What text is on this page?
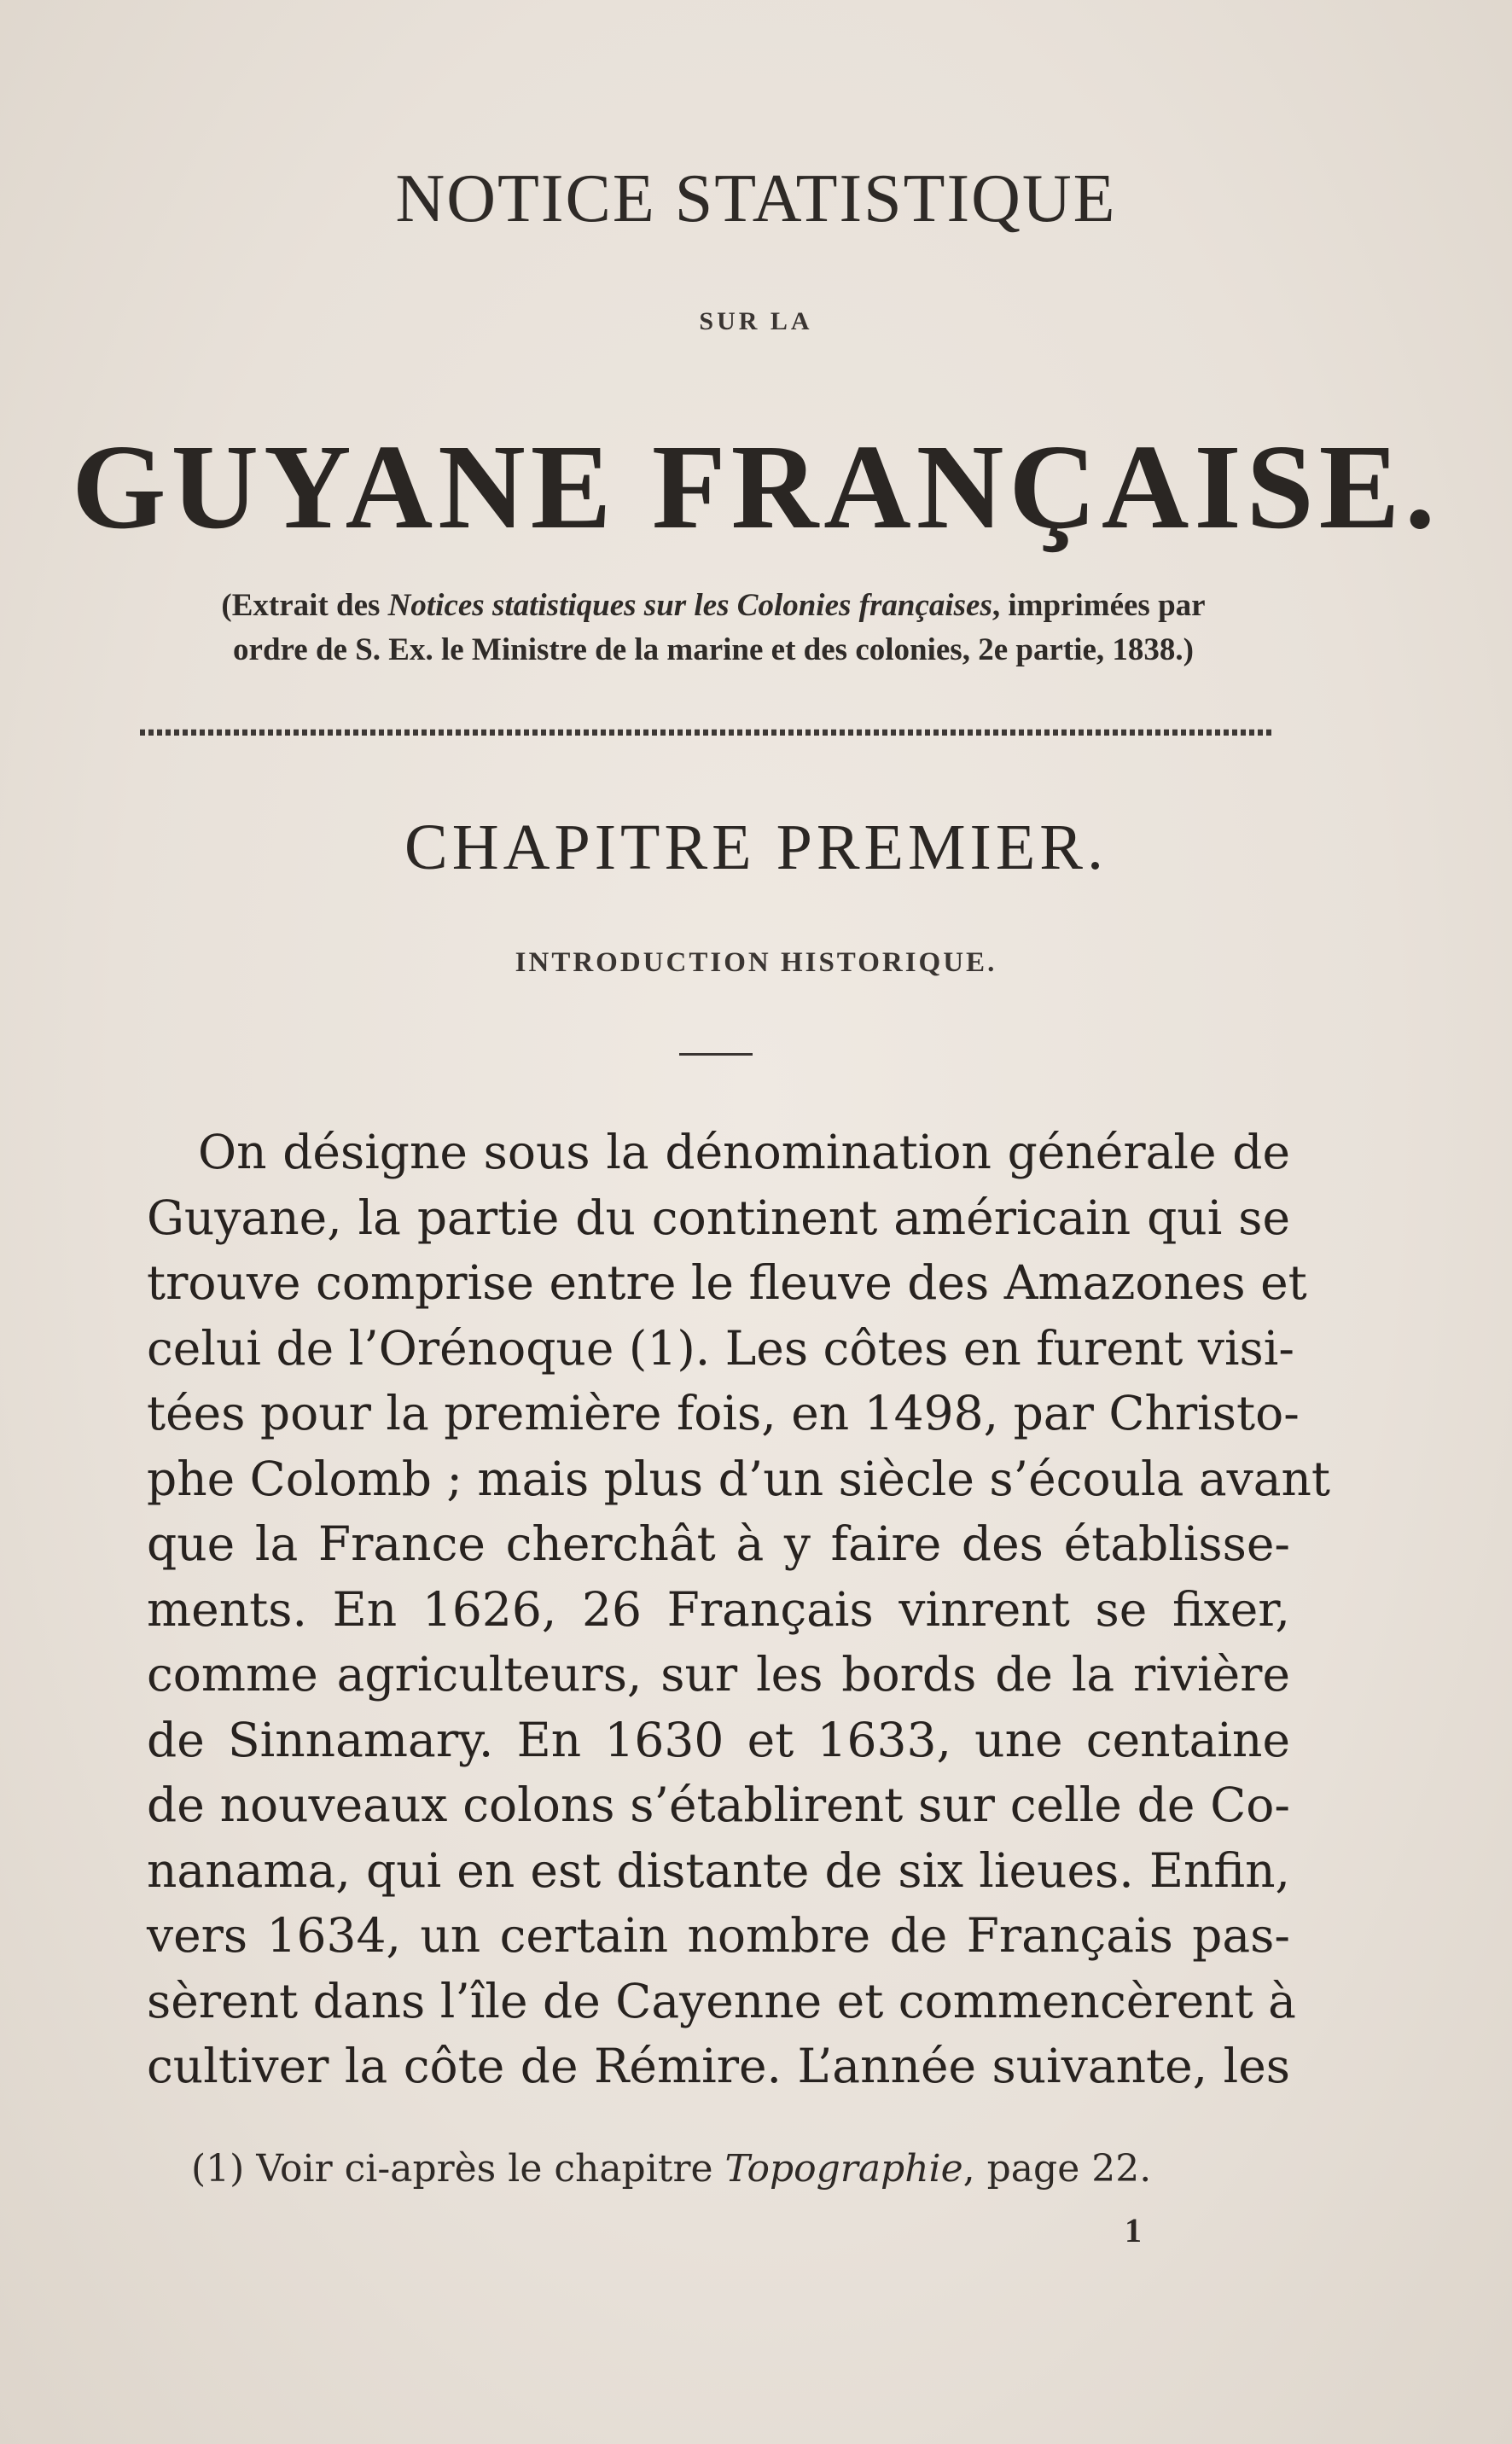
NOTICE STATISTIQUE
SUR LA
GUYANE FRANÇAISE.
(Extrait des Notices statistiques sur les Colonies françaises, imprimées par
ordre de S. Ex. le Ministre de la marine et des colonies, 2e partie, 1838.)
CHAPITRE PREMIER.
INTRODUCTION HISTORIQUE.
On désigne sous la dénomination générale de
Guyane, la partie du continent américain qui se
trouve comprise entre le fleuve des Amazones et
celui de l’Orénoque (1). Les côtes en furent visi-
tées pour la première fois, en 1498, par Christo-
phe Colomb ; mais plus d’un siècle s’écoula avant
que la France cherchât à y faire des établisse-
ments. En 1626, 26 Français vinrent se fixer,
comme agriculteurs, sur les bords de la rivière
de Sinnamary. En 1630 et 1633, une centaine
de nouveaux colons s’établirent sur celle de Co-
nanama, qui en est distante de six lieues. Enfin,
vers 1634, un certain nombre de Français pas-
sèrent dans l’île de Cayenne et commencèrent à
cultiver la côte de Rémire. L’année suivante, les
(1) Voir ci-après le chapitre Topographie, page 22.
1
